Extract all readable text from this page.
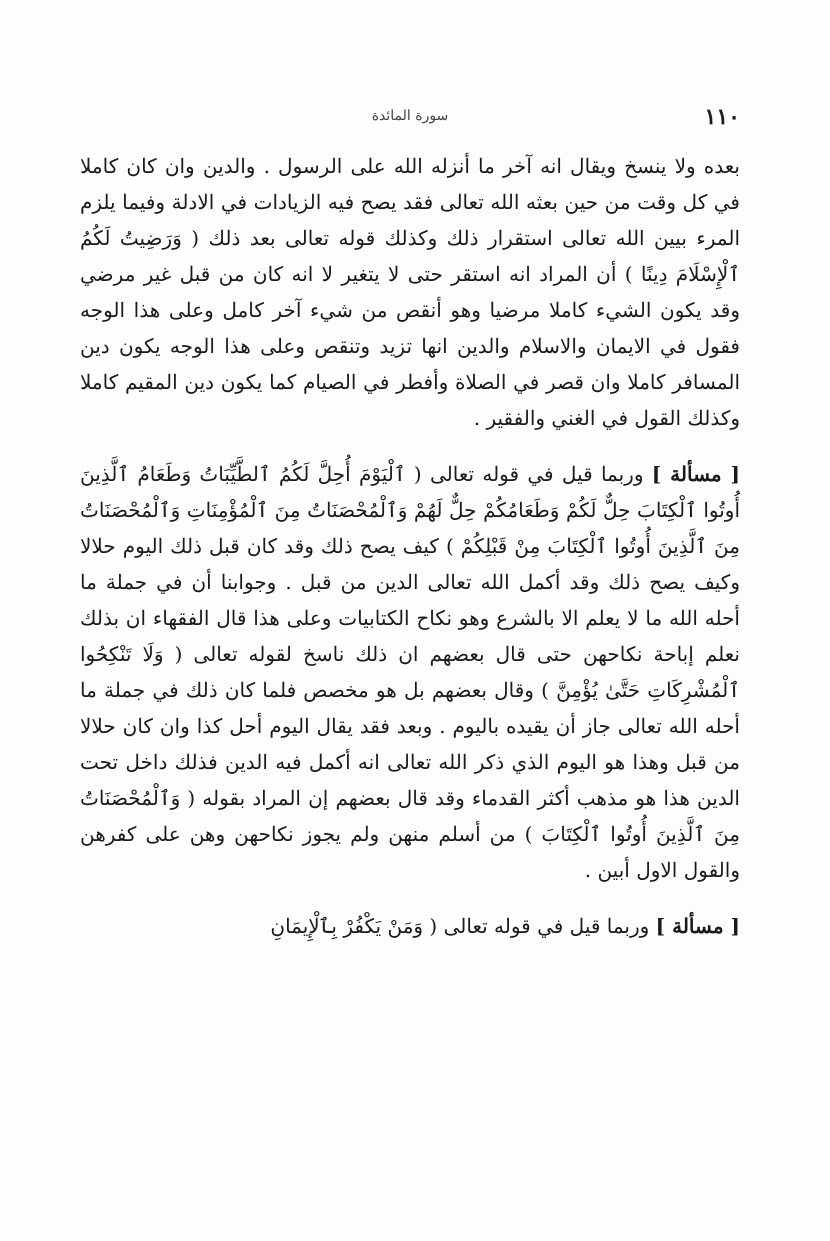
١١٠
سورة المائدة

بعده ولا ينسخ ويقال انه آخر ما أنزله الله على الرسول . والدين وان كان كاملا في كل وقت من حين بعثه الله تعالى فقد يصح فيه الزيادات في الادلة وفيما يلزم المرء بيين الله تعالى استقرار ذلك وكذلك قوله تعالى بعد ذلك ( وَرَضِيتُ لَكُمُ ٱلْإِسْلَامَ دِينًا ) أن المراد انه استقر حتى لا يتغير لا انه كان من قبل غير مرضي وقد يكون الشيء كاملا مرضيا وهو أنقص من شيء آخر كامل وعلى هذا الوجه فقول في الايمان والاسلام والدين انها تزيد وتنقص وعلى هذا الوجه يكون دين المسافر كاملا وان قصر في الصلاة وأفطر في الصيام كما يكون دين المقيم كاملا وكذلك القول في الغني والفقير .

[ مسألة ] وربما قيل في قوله تعالى ( ٱلْيَوْمَ أُحِلَّ لَكُمُ ٱلطَّيِّبَاتُ وَطَعَامُ ٱلَّذِينَ أُوتُوا ٱلْكِتَابَ حِلٌّ لَكُمْ وَطَعَامُكُمْ حِلٌّ لَهُمْ وَٱلْمُحْصَنَاتُ مِنَ ٱلْمُؤْمِنَاتِ وَٱلْمُحْصَنَاتُ مِنَ ٱلَّذِينَ أُوتُوا ٱلْكِتَابَ مِنْ قَبْلِكُمْ ) كيف يصح ذلك وقد كان قبل ذلك اليوم حلالا وكيف يصح ذلك وقد أكمل الله تعالى الدين من قبل . وجوابنا أن في جملة ما أحله الله ما لا يعلم الا بالشرع وهو نكاح الكتابيات وعلى هذا قال الفقهاء ان بذلك نعلم إباحة نكاحهن حتى قال بعضهم ان ذلك ناسخ لقوله تعالى ( وَلَا تَنْكِحُوا ٱلْمُشْرِكَاتِ حَتَّىٰ يُؤْمِنَّ ) وقال بعضهم بل هو مخصص فلما كان ذلك في جملة ما أحله الله تعالى جاز أن يقيده باليوم . وبعد فقد يقال اليوم أحل كذا وان كان حلالا من قبل وهذا هو اليوم الذي ذكر الله تعالى انه أكمل فيه الدين فذلك داخل تحت الدين هذا هو مذهب أكثر القدماء وقد قال بعضهم إن المراد بقوله ( وَٱلْمُحْصَنَاتُ مِنَ ٱلَّذِينَ أُوتُوا ٱلْكِتَابَ ) من أسلم منهن ولم يجوز نكاحهن وهن على كفرهن والقول الاول أبين .

[ مسألة ] وربما قيل في قوله تعالى ( وَمَنْ يَكْفُرْ بِٱلْإِيمَانِ
